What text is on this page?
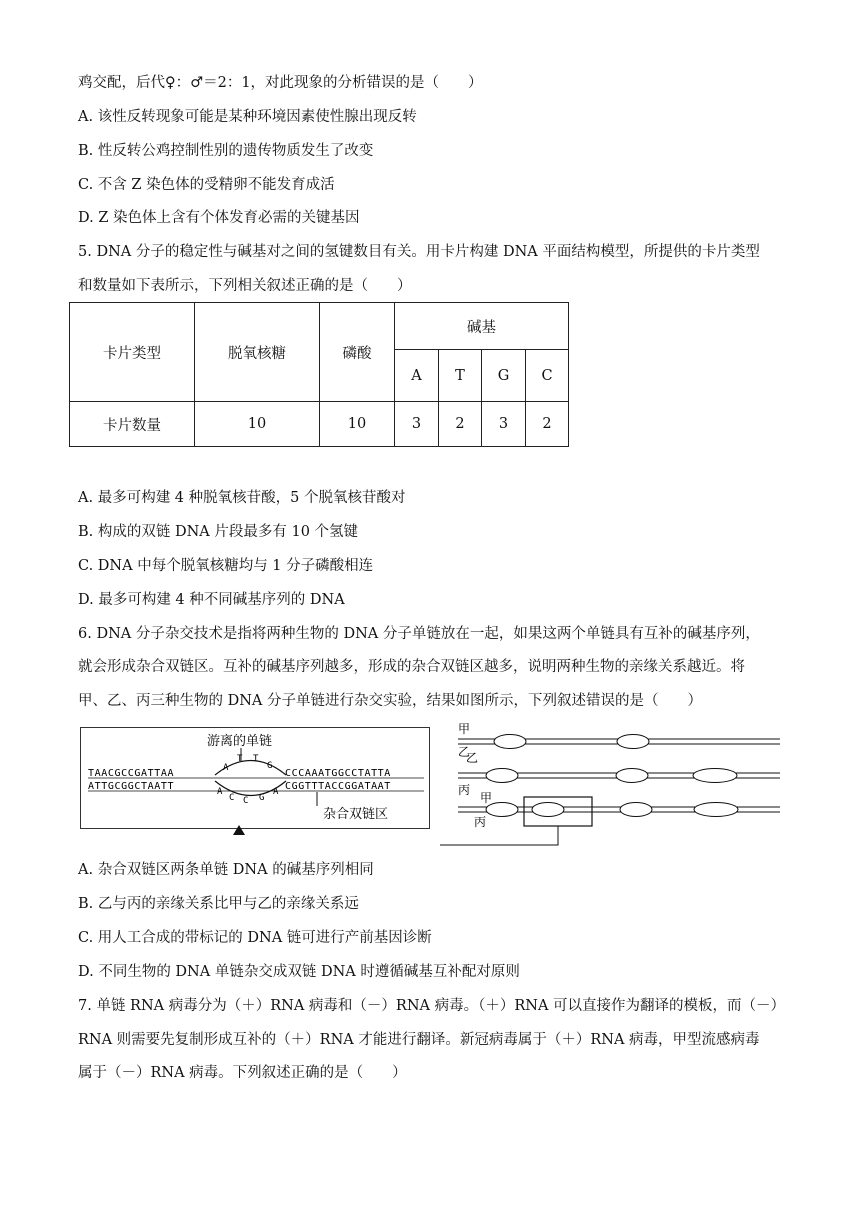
鸡交配，后代♀：♂＝2：1，对此现象的分析错误的是（　　）
A. 该性反转现象可能是某种环境因素使性腺出现反转
B. 性反转公鸡控制性别的遗传物质发生了改变
C. 不含 Z 染色体的受精卵不能发育成活
D. Z 染色体上含有个体发育必需的关键基因
5. DNA 分子的稳定性与碱基对之间的氢键数目有关。用卡片构建 DNA 平面结构模型，所提供的卡片类型
和数量如下表所示，下列相关叙述正确的是（　　）
卡片类型	脱氧核糖	磷酸	碱基			
			A	T	G	C
卡片数量	10	10	3	2	3	2
A. 最多可构建 4 种脱氧核苷酸，5 个脱氧核苷酸对
B. 构成的双链 DNA 片段最多有 10 个氢键
C. DNA 中每个脱氧核糖均与 1 分子磷酸相连
D. 最多可构建 4 种不同碱基序列的 DNA
6. DNA 分子杂交技术是指将两种生物的 DNA 分子单链放在一起，如果这两个单链具有互补的碱基序列，
就会形成杂合双链区。互补的碱基序列越多，形成的杂合双链区越多，说明两种生物的亲缘关系越近。将
甲、乙、丙三种生物的 DNA 分子单链进行杂交实验，结果如图所示，下列叙述错误的是（　　）
游离的单链
TAACGCCGATTAA	CCCAAATGGCCTATTA
ATTGCGGCTAATT	CGGTTTACCGGATAAT
A
T T
G
A
C C G
A
杂合双链区
甲
乙
乙
丙
甲
丙
A. 杂合双链区两条单链 DNA 的碱基序列相同
B. 乙与丙的亲缘关系比甲与乙的亲缘关系远
C. 用人工合成的带标记的 DNA 链可进行产前基因诊断
D. 不同生物的 DNA 单链杂交成双链 DNA 时遵循碱基互补配对原则
7. 单链 RNA 病毒分为（＋）RNA 病毒和（－）RNA 病毒。（＋）RNA 可以直接作为翻译的模板，而（－）
RNA 则需要先复制形成互补的（＋）RNA 才能进行翻译。新冠病毒属于（＋）RNA 病毒，甲型流感病毒
属于（－）RNA 病毒。下列叙述正确的是（　　）
